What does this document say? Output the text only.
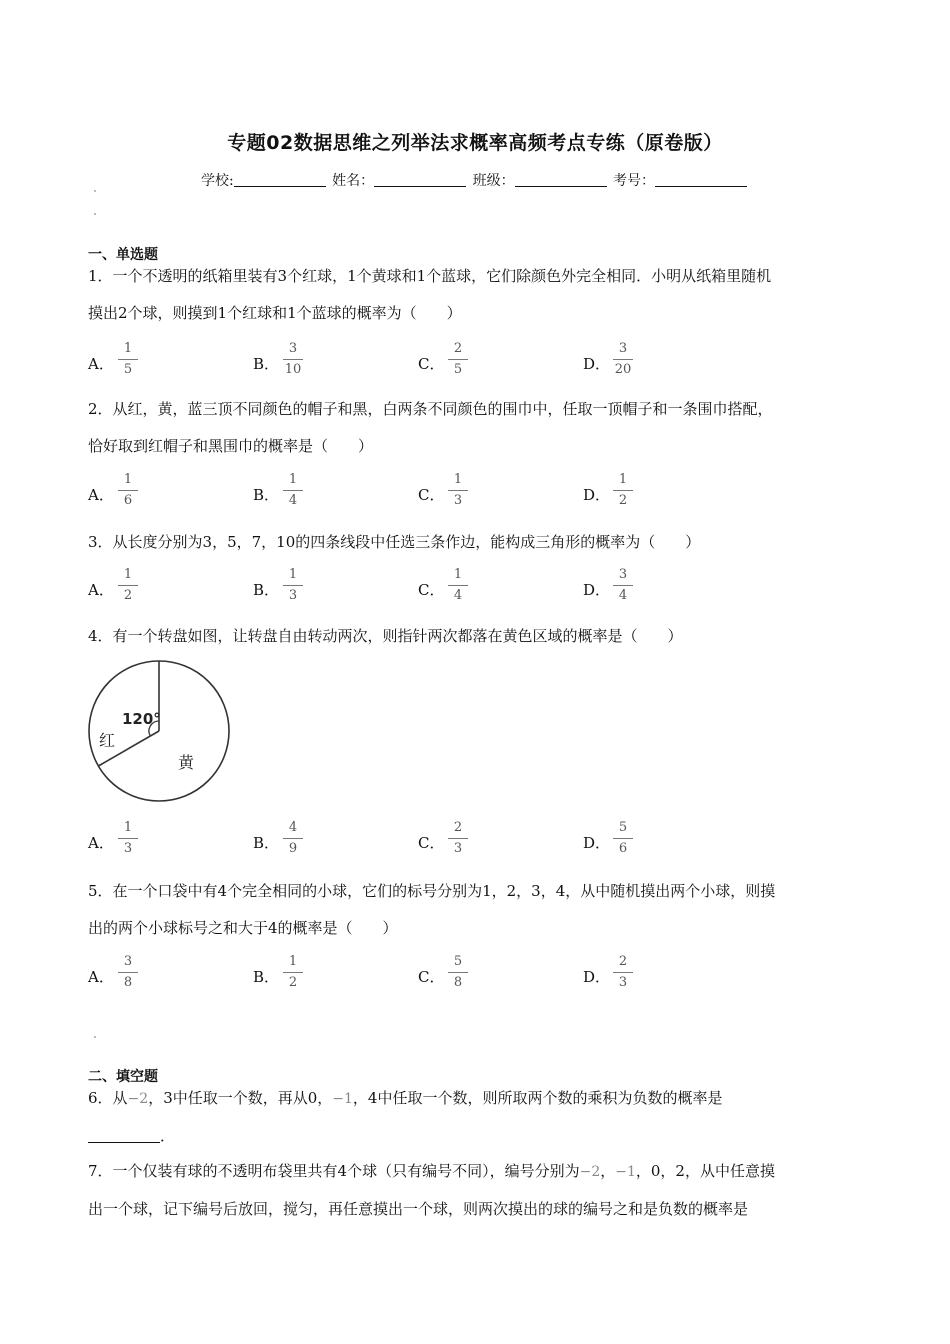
专题02数据思维之列举法求概率高频考点专练（原卷版）
学校:	姓名：	班级：	考号：
一、单选题
1．一个不透明的纸箱里装有3个红球，1个黄球和1个蓝球，它们除颜色外完全相同．小明从纸箱里随机
摸出2个球，则摸到1个红球和1个蓝球的概率为（　　）
A．
1
5	B．
3
10	C．
2
5	D．
3
20
2．从红，黄，蓝三顶不同颜色的帽子和黑，白两条不同颜色的围巾中，任取一顶帽子和一条围巾搭配，
恰好取到红帽子和黑围巾的概率是（　　）
A．
1
6	B．
1
4	C．
1
3	D．
1
2
3．从长度分别为3，5，7，10的四条线段中任选三条作边，能构成三角形的概率为（　　）
A．
1
2	B．
1
3	C．
1
4	D．
3
4
4．有一个转盘如图，让转盘自由转动两次，则指针两次都落在黄色区域的概率是（　　）
120°
红
黄
A．
1
3	B．
4
9	C．
2
3	D．
5
6
5．在一个口袋中有4个完全相同的小球，它们的标号分别为1，2，3，4，从中随机摸出两个小球，则摸
出的两个小球标号之和大于4的概率是（　　）
A．
3
8	B．
1
2	C．
5
8	D．
2
3
二、填空题
6．从−2，3中任取一个数，再从0，−1，4中任取一个数，则所取两个数的乘积为负数的概率是
．
7．一个仅装有球的不透明布袋里共有4个球（只有编号不同），编号分别为−2，−1，0，2，从中任意摸
出一个球，记下编号后放回，搅匀，再任意摸出一个球，则两次摸出的球的编号之和是负数的概率是
